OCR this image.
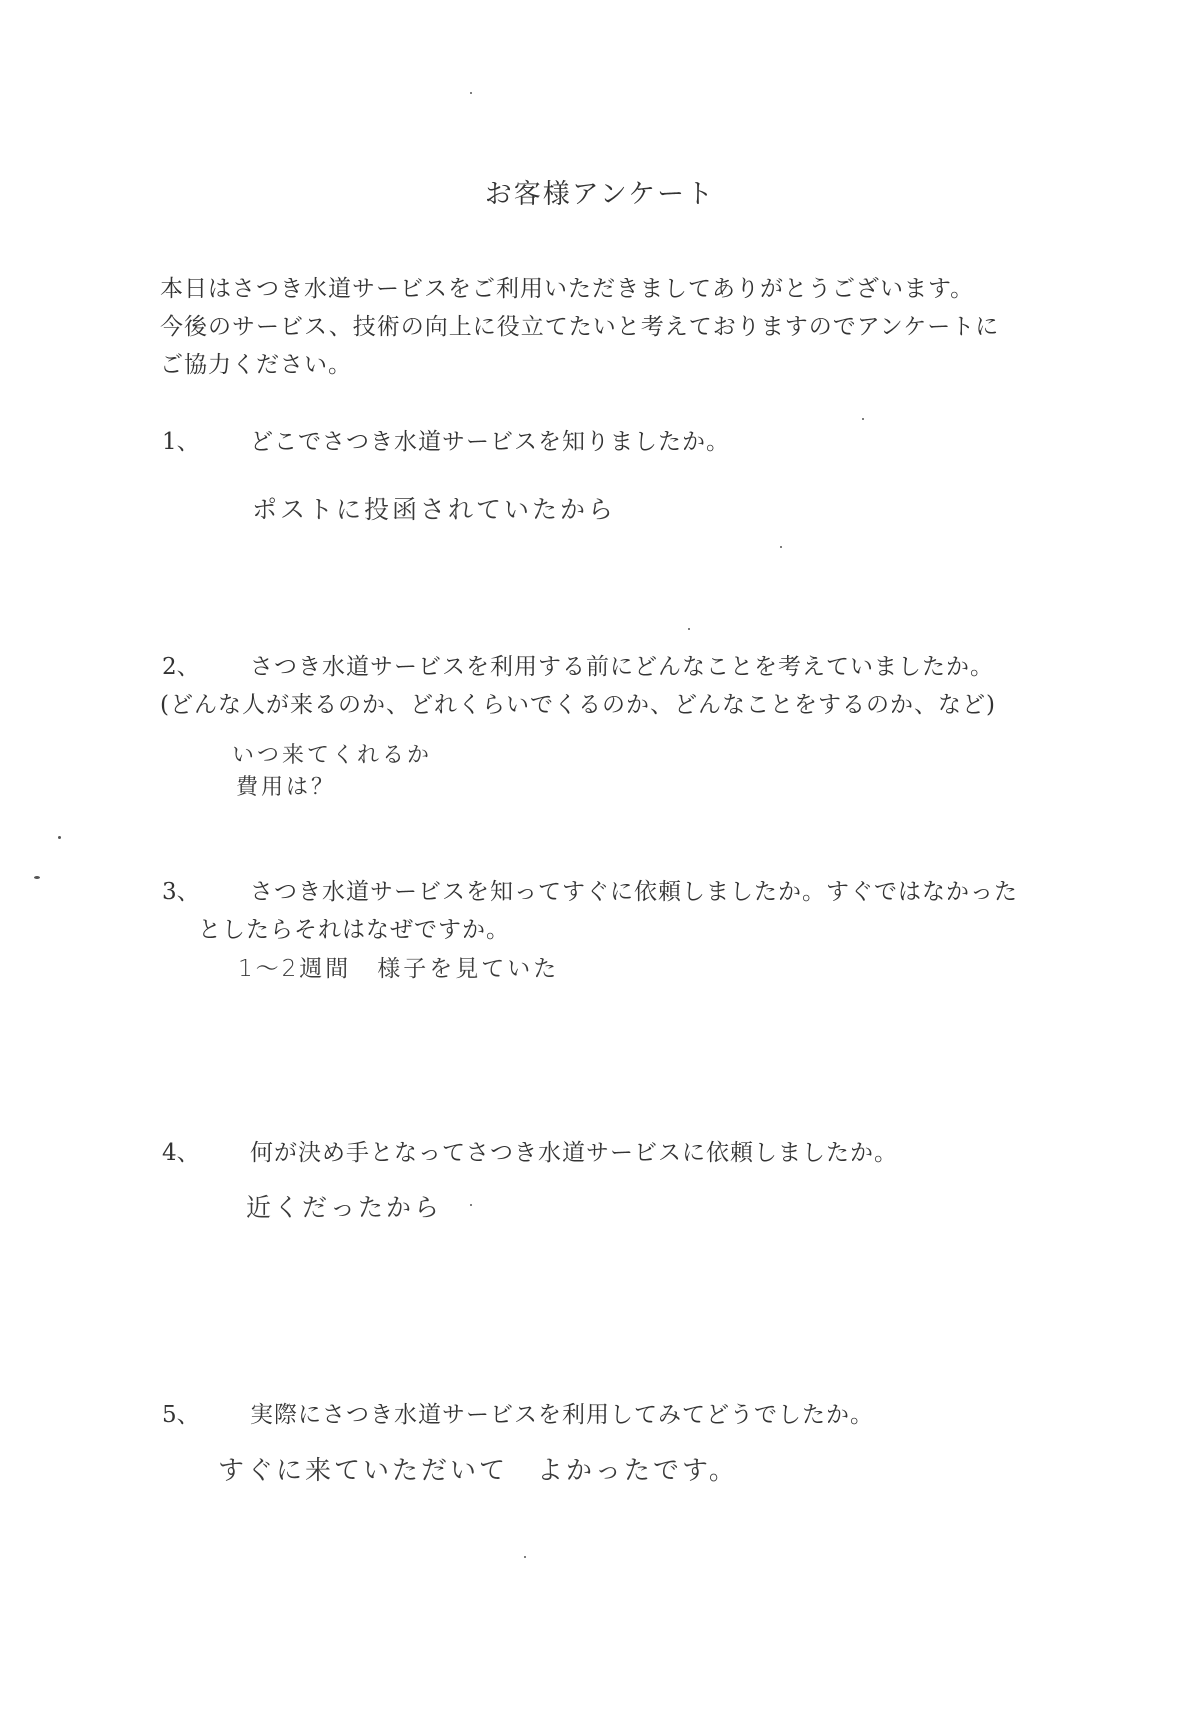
お客様アンケート
本日はさつき水道サービスをご利用いただきましてありがとうございます。
今後のサービス、技術の向上に役立てたいと考えておりますのでアンケートに
ご協力ください。
1、 どこでさつき水道サービスを知りましたか。
ポストに投函されていたから
2、 さつき水道サービスを利用する前にどんなことを考えていましたか。
(どんな人が来るのか、どれくらいでくるのか、どんなことをするのか、など)
いつ来てくれるか
費用は？
3、 さつき水道サービスを知ってすぐに依頼しましたか。すぐではなかった
としたらそれはなぜですか。
1～2週間　様子を見ていた
4、 何が決め手となってさつき水道サービスに依頼しましたか。
近くだったから
5、 実際にさつき水道サービスを利用してみてどうでしたか。
すぐに来ていただいて　よかったです。
